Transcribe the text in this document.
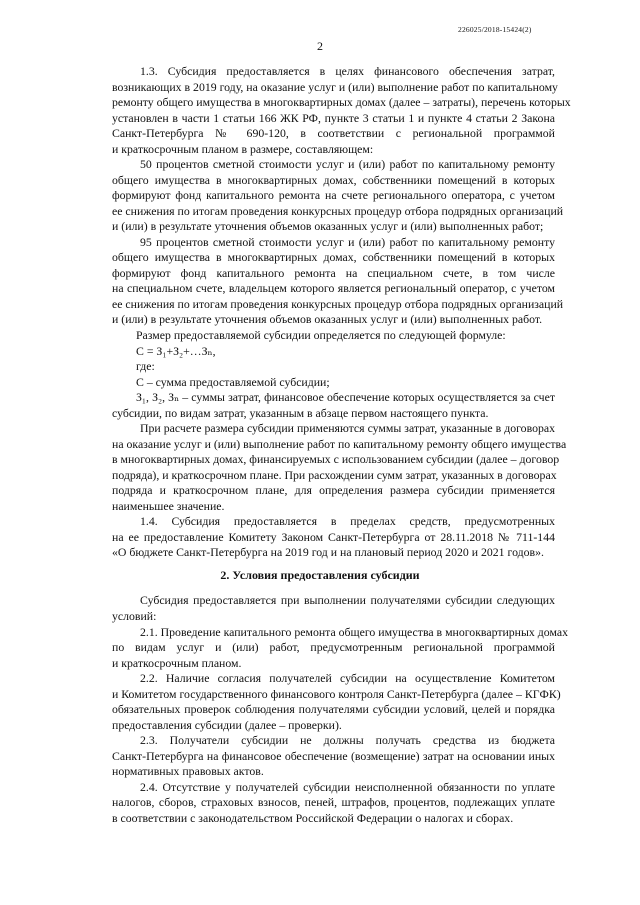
226025/2018-15424(2)
2
1.3. Субсидия предоставляется в целях финансового обеспечения затрат,
возникающих в 2019 году, на оказание услуг и (или) выполнение работ по капитальному
ремонту общего имущества в многоквартирных домах (далее – затраты), перечень которых
установлен в части 1 статьи 166 ЖК РФ, пункте 3 статьи 1 и пункте 4 статьи 2 Закона
Санкт-Петербурга № 690-120, в соответствии с региональной программой
и краткосрочным планом в размере, составляющем:
50 процентов сметной стоимости услуг и (или) работ по капитальному ремонту
общего имущества в многоквартирных домах, собственники помещений в которых
формируют фонд капитального ремонта на счете регионального оператора, с учетом
ее снижения по итогам проведения конкурсных процедур отбора подрядных организаций
и (или) в результате уточнения объемов оказанных услуг и (или) выполненных работ;
95 процентов сметной стоимости услуг и (или) работ по капитальному ремонту
общего имущества в многоквартирных домах, собственники помещений в которых
формируют фонд капитального ремонта на специальном счете, в том числе
на специальном счете, владельцем которого является региональный оператор, с учетом
ее снижения по итогам проведения конкурсных процедур отбора подрядных организаций
и (или) в результате уточнения объемов оказанных услуг и (или) выполненных работ.
Размер предоставляемой субсидии определяется по следующей формуле:
С = З₁+З₂+…Зₙ,
где:
С – сумма предоставляемой субсидии;
З₁, З₂, Зₙ – суммы затрат, финансовое обеспечение которых осуществляется за счет
субсидии, по видам затрат, указанным в абзаце первом настоящего пункта.
При расчете размера субсидии применяются суммы затрат, указанные в договорах
на оказание услуг и (или) выполнение работ по капитальному ремонту общего имущества
в многоквартирных домах, финансируемых с использованием субсидии (далее – договор
подряда), и краткосрочном плане. При расхождении сумм затрат, указанных в договорах
подряда и краткосрочном плане, для определения размера субсидии применяется
наименьшее значение.
1.4. Субсидия предоставляется в пределах средств, предусмотренных
на ее предоставление Комитету Законом Санкт-Петербурга от 28.11.2018 № 711-144
«О бюджете Санкт-Петербурга на 2019 год и на плановый период 2020 и 2021 годов».
2. Условия предоставления субсидии
Субсидия предоставляется при выполнении получателями субсидии следующих
условий:
2.1. Проведение капитального ремонта общего имущества в многоквартирных домах
по видам услуг и (или) работ, предусмотренным региональной программой
и краткосрочным планом.
2.2. Наличие согласия получателей субсидии на осуществление Комитетом
и Комитетом государственного финансового контроля Санкт-Петербурга (далее – КГФК)
обязательных проверок соблюдения получателями субсидии условий, целей и порядка
предоставления субсидии (далее – проверки).
2.3. Получатели субсидии не должны получать средства из бюджета
Санкт-Петербурга на финансовое обеспечение (возмещение) затрат на основании иных
нормативных правовых актов.
2.4. Отсутствие у получателей субсидии неисполненной обязанности по уплате
налогов, сборов, страховых взносов, пеней, штрафов, процентов, подлежащих уплате
в соответствии с законодательством Российской Федерации о налогах и сборах.
